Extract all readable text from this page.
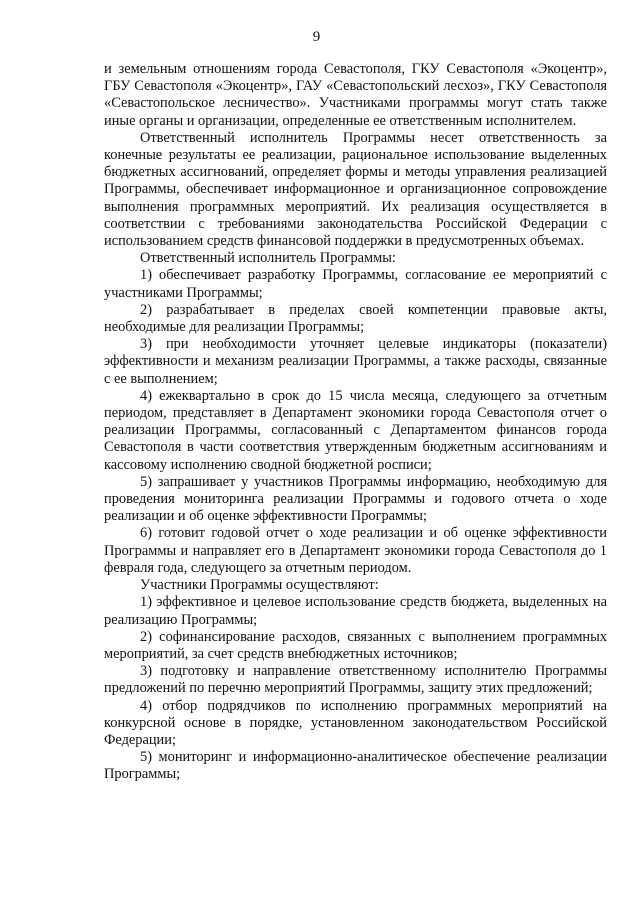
9

и земельным отношениям города Севастополя, ГКУ Севастополя «Экоцентр», ГБУ Севастополя «Экоцентр», ГАУ «Севастопольский лесхоз», ГКУ Севастополя «Севастопольское лесничество». Участниками программы могут стать также иные органы и организации, определенные ее ответственным исполнителем.

Ответственный исполнитель Программы несет ответственность за конечные результаты ее реализации, рациональное использование выделенных бюджетных ассигнований, определяет формы и методы управления реализацией Программы, обеспечивает информационное и организационное сопровождение выполнения программных мероприятий. Их реализация осуществляется в соответствии с требованиями законодательства Российской Федерации с использованием средств финансовой поддержки в предусмотренных объемах.

Ответственный исполнитель Программы:

1) обеспечивает разработку Программы, согласование ее мероприятий с участниками Программы;

2) разрабатывает в пределах своей компетенции правовые акты, необходимые для реализации Программы;

3) при необходимости уточняет целевые индикаторы (показатели) эффективности и механизм реализации Программы, а также расходы, связанные с ее выполнением;

4) ежеквартально в срок до 15 числа месяца, следующего за отчетным периодом, представляет в Департамент экономики города Севастополя отчет о реализации Программы, согласованный с Департаментом финансов города Севастополя в части соответствия утвержденным бюджетным ассигнованиям и кассовому исполнению сводной бюджетной росписи;

5) запрашивает у участников Программы информацию, необходимую для проведения мониторинга реализации Программы и годового отчета о ходе реализации и об оценке эффективности Программы;

6) готовит годовой отчет о ходе реализации и об оценке эффективности Программы и направляет его в Департамент экономики города Севастополя до 1 февраля года, следующего за отчетным периодом.

Участники Программы осуществляют:

1) эффективное и целевое использование средств бюджета, выделенных на реализацию Программы;

2) софинансирование расходов, связанных с выполнением программных мероприятий, за счет средств внебюджетных источников;

3) подготовку и направление ответственному исполнителю Программы предложений по перечню мероприятий Программы, защиту этих предложений;

4) отбор подрядчиков по исполнению программных мероприятий на конкурсной основе в порядке, установленном законодательством Российской Федерации;

5) мониторинг и информационно-аналитическое обеспечение реализации Программы;
